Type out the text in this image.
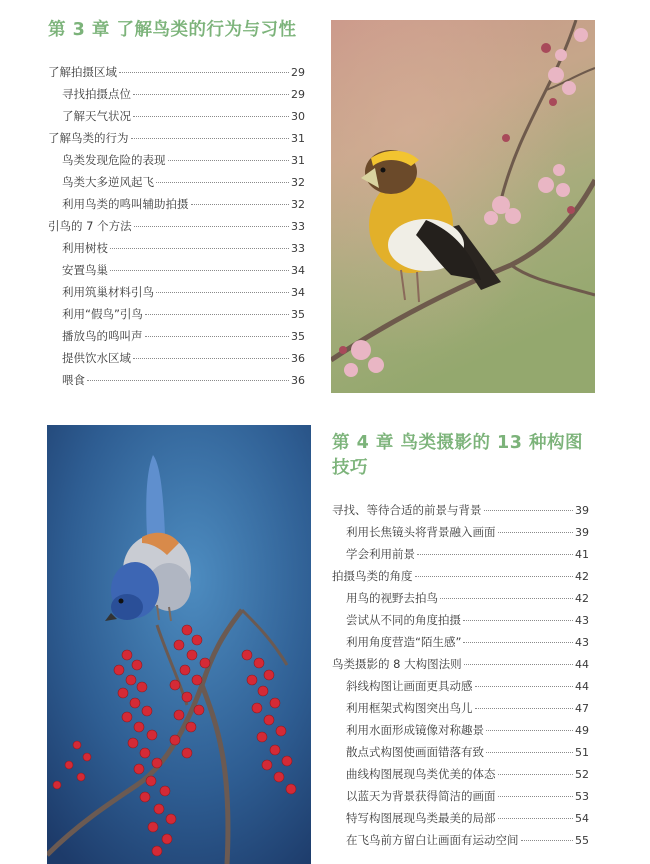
第 3 章 了解鸟类的行为与习性
了解拍摄区域	29
寻找拍摄点位	29
了解天气状况	30
了解鸟类的行为	31
鸟类发现危险的表现	31
鸟类大多逆风起飞	32
利用鸟类的鸣叫辅助拍摄	32
引鸟的 7 个方法	33
利用树枝	33
安置鸟巢	34
利用筑巢材料引鸟	34
利用“假鸟”引鸟	35
播放鸟的鸣叫声	35
提供饮水区域	36
喂食	36
第 4 章 鸟类摄影的 13 种构图
技巧
寻找、等待合适的前景与背景	39
利用长焦镜头将背景融入画面	39
学会利用前景	41
拍摄鸟类的角度	42
用鸟的视野去拍鸟	42
尝试从不同的角度拍摄	43
利用角度营造“陌生感”	43
鸟类摄影的 8 大构图法则	44
斜线构图让画面更具动感	44
利用框架式构图突出鸟儿	47
利用水面形成镜像对称趣景	49
散点式构图使画面错落有致	51
曲线构图展现鸟类优美的体态	52
以蓝天为背景获得简洁的画面	53
特写构图展现鸟类最美的局部	54
在飞鸟前方留白让画面有运动空间	55
